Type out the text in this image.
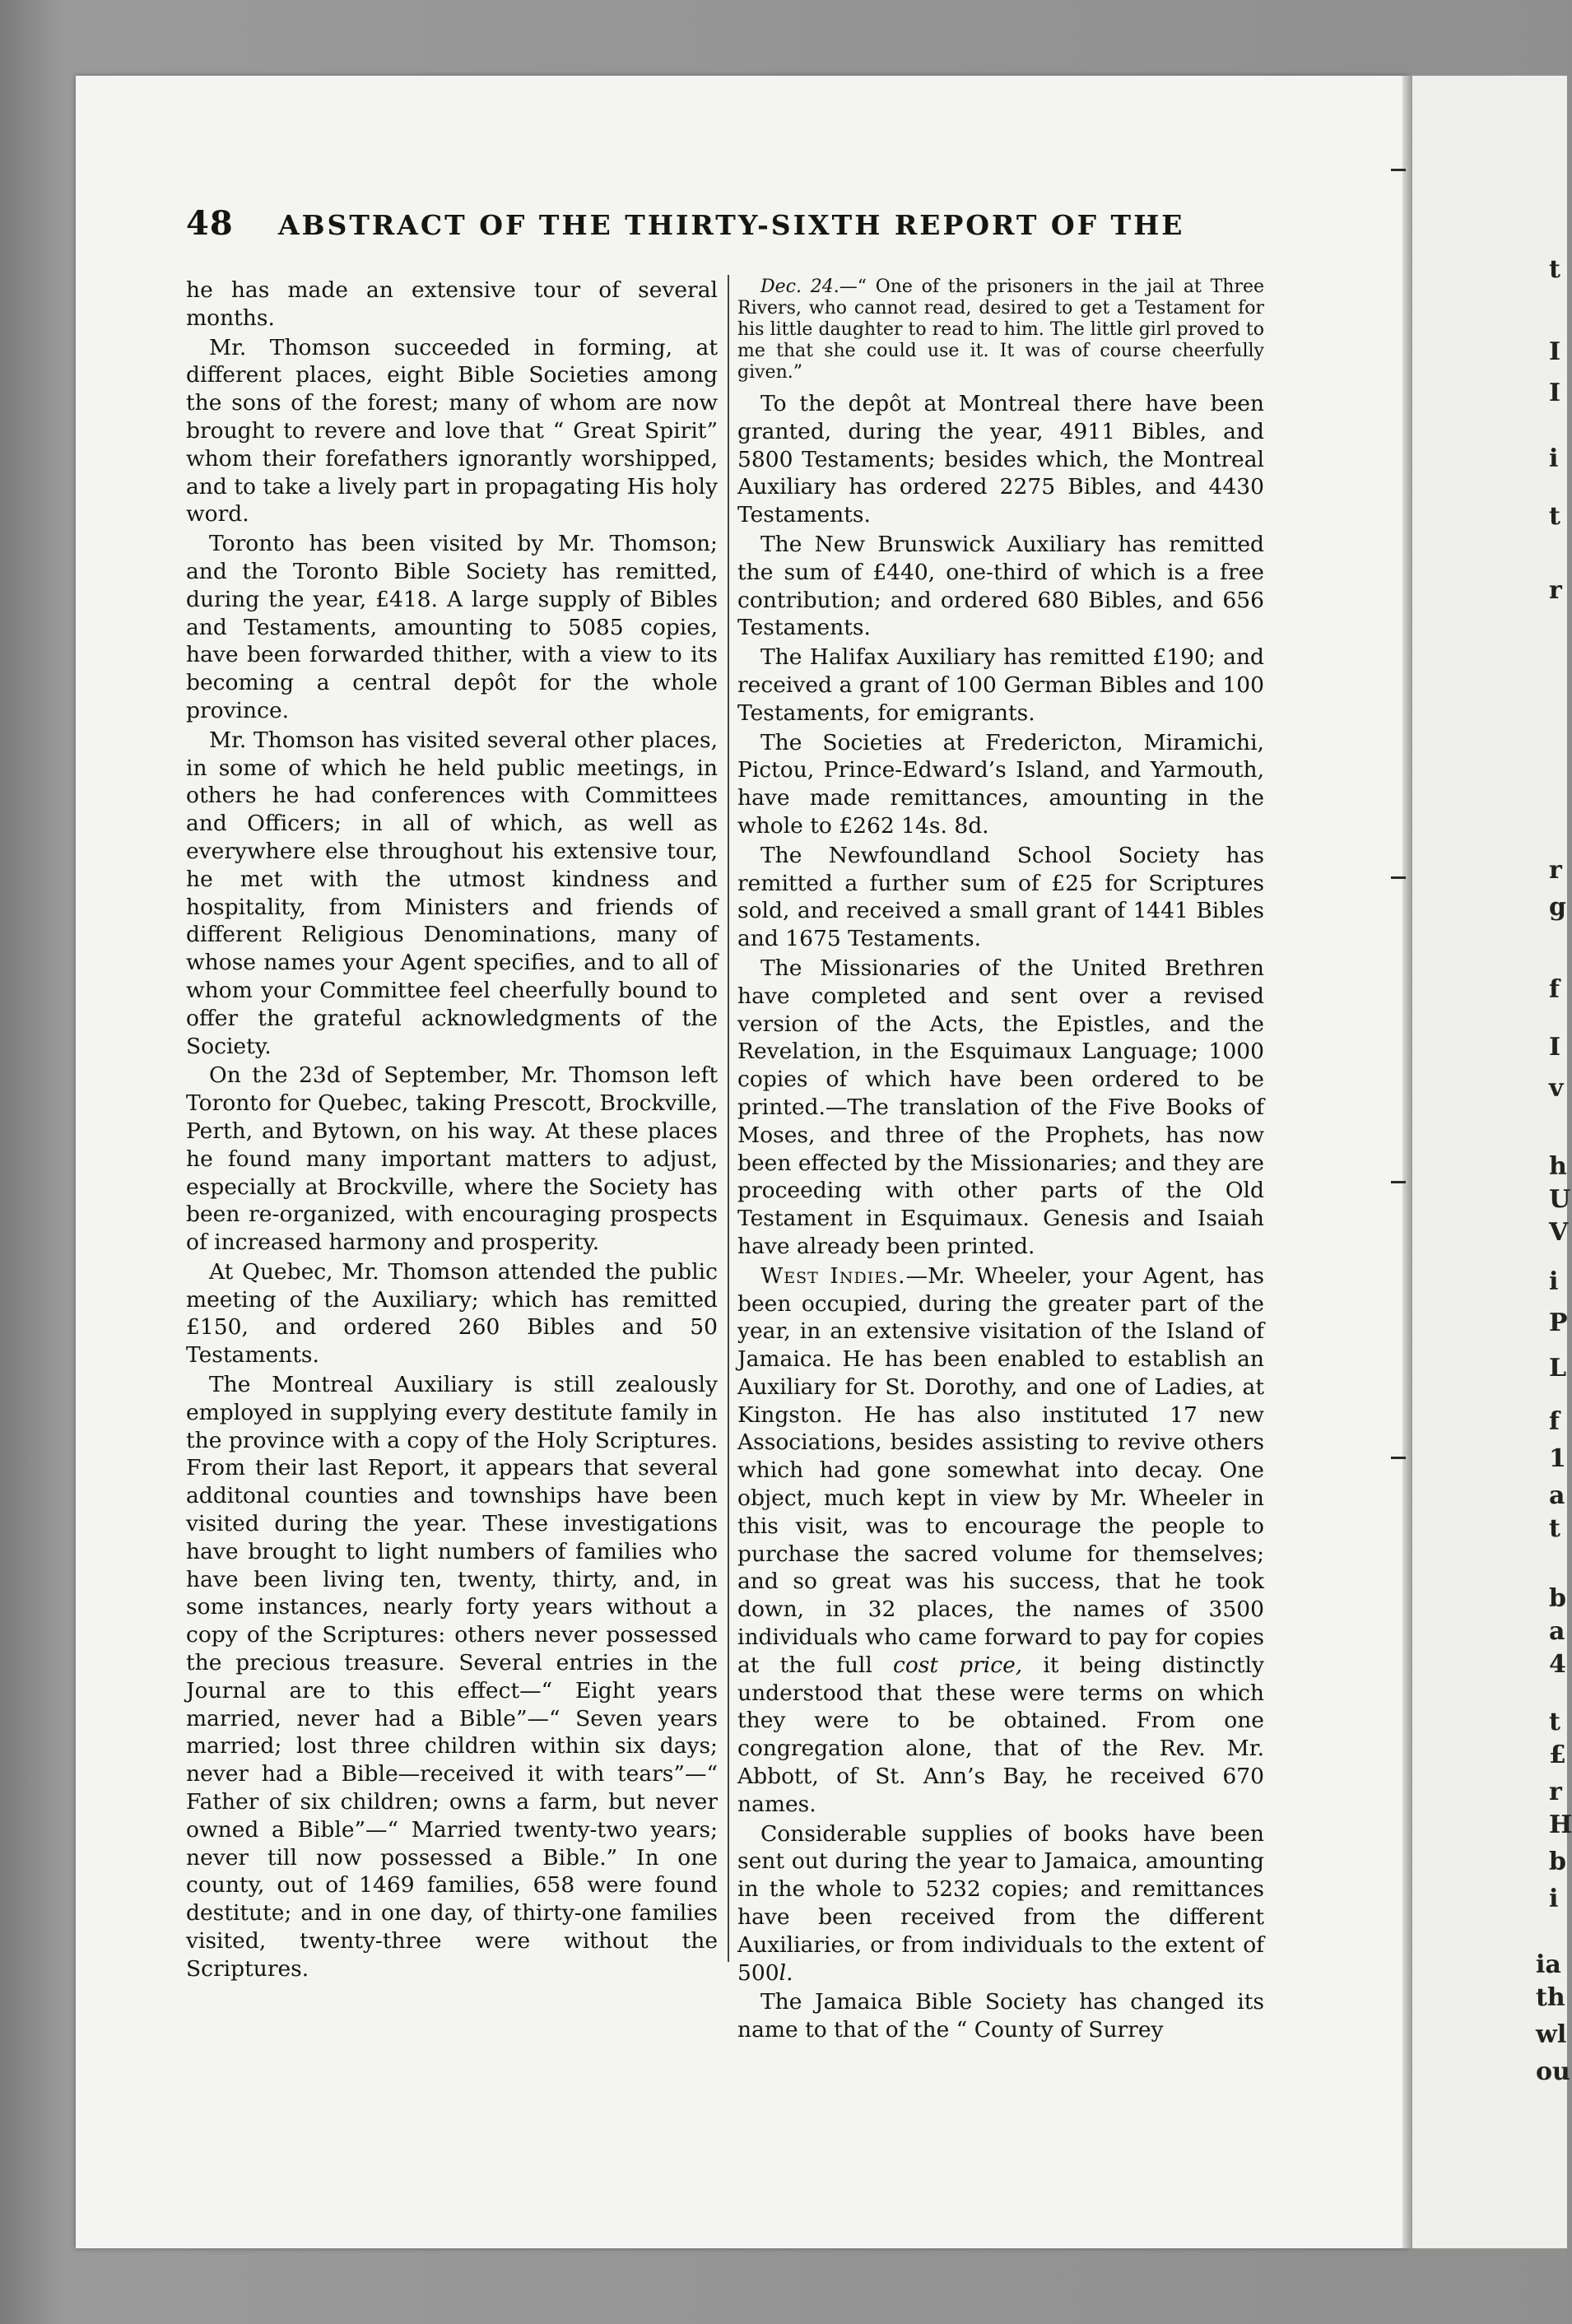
t
I
I
i
t
r
r
g
f
I
v
h
U
V
i
P
L
f
1
a
t
b
a
4
t
£
r
H
b
i
ia
th
wl
ou
48 ABSTRACT OF THE THIRTY-SIXTH REPORT OF THE

he has made an extensive tour of several months.

Mr. Thomson succeeded in forming, at different places, eight Bible Societies among the sons of the forest; many of whom are now brought to revere and love that “ Great Spirit” whom their forefathers ignorantly worshipped, and to take a lively part in propagating His holy word.

Toronto has been visited by Mr. Thomson; and the Toronto Bible Society has remitted, during the year, £418. A large supply of Bibles and Testaments, amounting to 5085 copies, have been forwarded thither, with a view to its becoming a central depôt for the whole province.

Mr. Thomson has visited several other places, in some of which he held public meetings, in others he had conferences with Committees and Officers; in all of which, as well as everywhere else throughout his extensive tour, he met with the utmost kindness and hospitality, from Ministers and friends of different Religious Denominations, many of whose names your Agent specifies, and to all of whom your Committee feel cheerfully bound to offer the grateful acknowledgments of the Society.

On the 23d of September, Mr. Thomson left Toronto for Quebec, taking Prescott, Brockville, Perth, and Bytown, on his way. At these places he found many important matters to adjust, especially at Brockville, where the Society has been re-organized, with encouraging prospects of increased harmony and prosperity.

At Quebec, Mr. Thomson attended the public meeting of the Auxiliary; which has remitted £150, and ordered 260 Bibles and 50 Testaments.

The Montreal Auxiliary is still zealously employed in supplying every destitute family in the province with a copy of the Holy Scriptures. From their last Report, it appears that several additonal counties and townships have been visited during the year. These investigations have brought to light numbers of families who have been living ten, twenty, thirty, and, in some instances, nearly forty years without a copy of the Scriptures: others never possessed the precious treasure. Several entries in the Journal are to this effect—“ Eight years married, never had a Bible”—“ Seven years married; lost three children within six days; never had a Bible—received it with tears”—“ Father of six children; owns a farm, but never owned a Bible”—“ Married twenty-two years; never till now possessed a Bible.” In one county, out of 1469 families, 658 were found destitute; and in one day, of thirty-one families visited, twenty-three were without the Scriptures.

Dec. 24.—“ One of the prisoners in the jail at Three Rivers, who cannot read, desired to get a Testament for his little daughter to read to him. The little girl proved to me that she could use it. It was of course cheerfully given.”

To the depôt at Montreal there have been granted, during the year, 4911 Bibles, and 5800 Testaments; besides which, the Montreal Auxiliary has ordered 2275 Bibles, and 4430 Testaments.

The New Brunswick Auxiliary has remitted the sum of £440, one-third of which is a free contribution; and ordered 680 Bibles, and 656 Testaments.

The Halifax Auxiliary has remitted £190; and received a grant of 100 German Bibles and 100 Testaments, for emigrants.

The Societies at Fredericton, Miramichi, Pictou, Prince-Edward’s Island, and Yarmouth, have made remittances, amounting in the whole to £262 14s. 8d.

The Newfoundland School Society has remitted a further sum of £25 for Scriptures sold, and received a small grant of 1441 Bibles and 1675 Testaments.

The Missionaries of the United Brethren have completed and sent over a revised version of the Acts, the Epistles, and the Revelation, in the Esquimaux Language; 1000 copies of which have been ordered to be printed.—The translation of the Five Books of Moses, and three of the Prophets, has now been effected by the Missionaries; and they are proceeding with other parts of the Old Testament in Esquimaux. Genesis and Isaiah have already been printed.

West Indies.—Mr. Wheeler, your Agent, has been occupied, during the greater part of the year, in an extensive visitation of the Island of Jamaica. He has been enabled to establish an Auxiliary for St. Dorothy, and one of Ladies, at Kingston. He has also instituted 17 new Associations, besides assisting to revive others which had gone somewhat into decay. One object, much kept in view by Mr. Wheeler in this visit, was to encourage the people to purchase the sacred volume for themselves; and so great was his success, that he took down, in 32 places, the names of 3500 individuals who came forward to pay for copies at the full cost price, it being distinctly understood that these were terms on which they were to be obtained. From one congregation alone, that of the Rev. Mr. Abbott, of St. Ann’s Bay, he received 670 names.

Considerable supplies of books have been sent out during the year to Jamaica, amounting in the whole to 5232 copies; and remittances have been received from the different Auxiliaries, or from individuals to the extent of 500l.

The Jamaica Bible Society has changed its name to that of the “ County of Surrey
